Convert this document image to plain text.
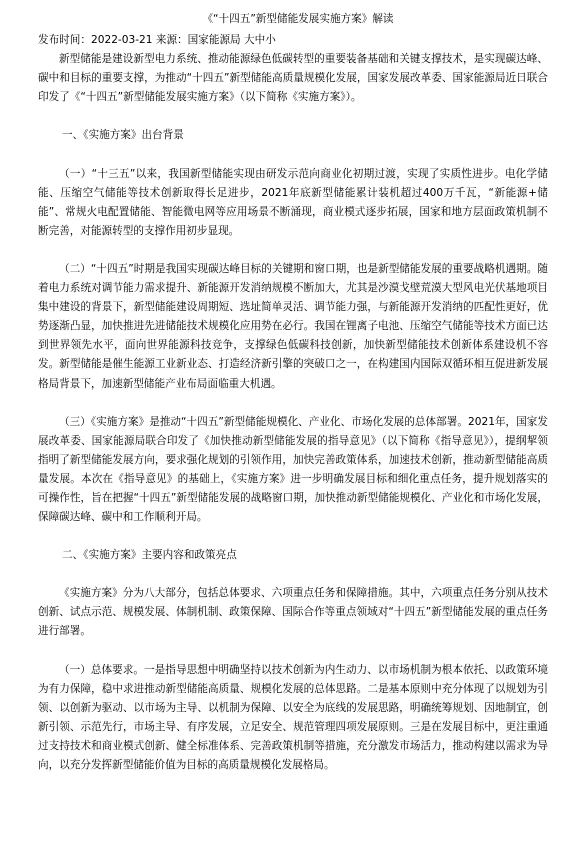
《“十四五”新型储能发展实施方案》解读

发布时间：2022-03-21 来源：国家能源局 大中小

新型储能是建设新型电力系统、推动能源绿色低碳转型的重要装备基础和关键支撑技术，是实现碳达峰、碳中和目标的重要支撑，为推动“十四五”新型储能高质量规模化发展，国家发展改革委、国家能源局近日联合印发了《“十四五”新型储能发展实施方案》（以下简称《实施方案》）。

一、《实施方案》出台背景

（一）“十三五”以来，我国新型储能实现由研发示范向商业化初期过渡，实现了实质性进步。电化学储能、压缩空气储能等技术创新取得长足进步，2021年底新型储能累计装机超过400万千瓦，“新能源+储能”、常规火电配置储能、智能微电网等应用场景不断涌现，商业模式逐步拓展，国家和地方层面政策机制不断完善，对能源转型的支撑作用初步显现。

（二）“十四五”时期是我国实现碳达峰目标的关键期和窗口期，也是新型储能发展的重要战略机遇期。随着电力系统对调节能力需求提升、新能源开发消纳规模不断加大，尤其是沙漠戈壁荒漠大型风电光伏基地项目集中建设的背景下，新型储能建设周期短、选址简单灵活、调节能力强，与新能源开发消纳的匹配性更好，优势逐渐凸显，加快推进先进储能技术规模化应用势在必行。我国在锂离子电池、压缩空气储能等技术方面已达到世界领先水平，面向世界能源科技竞争，支撑绿色低碳科技创新，加快新型储能技术创新体系建设机不容发。新型储能是催生能源工业新业态、打造经济新引擎的突破口之一，在构建国内国际双循环相互促进新发展格局背景下，加速新型储能产业布局面临重大机遇。

（三）《实施方案》是推动“十四五”新型储能规模化、产业化、市场化发展的总体部署。2021年，国家发展改革委、国家能源局联合印发了《加快推动新型储能发展的指导意见》（以下简称《指导意见》），提纲挈领指明了新型储能发展方向，要求强化规划的引领作用，加快完善政策体系，加速技术创新，推动新型储能高质量发展。本次在《指导意见》的基础上，《实施方案》进一步明确发展目标和细化重点任务，提升规划落实的可操作性，旨在把握“十四五”新型储能发展的战略窗口期，加快推动新型储能规模化、产业化和市场化发展，保障碳达峰、碳中和工作顺利开局。

二、《实施方案》主要内容和政策亮点

《实施方案》分为八大部分，包括总体要求、六项重点任务和保障措施。其中，六项重点任务分别从技术创新、试点示范、规模发展、体制机制、政策保障、国际合作等重点领域对“十四五”新型储能发展的重点任务进行部署。

（一）总体要求。一是指导思想中明确坚持以技术创新为内生动力、以市场机制为根本依托、以政策环境为有力保障，稳中求进推动新型储能高质量、规模化发展的总体思路。二是基本原则中充分体现了以规划为引领、以创新为驱动、以市场为主导、以机制为保障、以安全为底线的发展思路，明确统筹规划、因地制宜，创新引领、示范先行，市场主导、有序发展，立足安全、规范管理四项发展原则。三是在发展目标中，更注重通过支持技术和商业模式创新、健全标准体系、完善政策机制等措施，充分激发市场活力，推动构建以需求为导向，以充分发挥新型储能价值为目标的高质量规模化发展格局。
